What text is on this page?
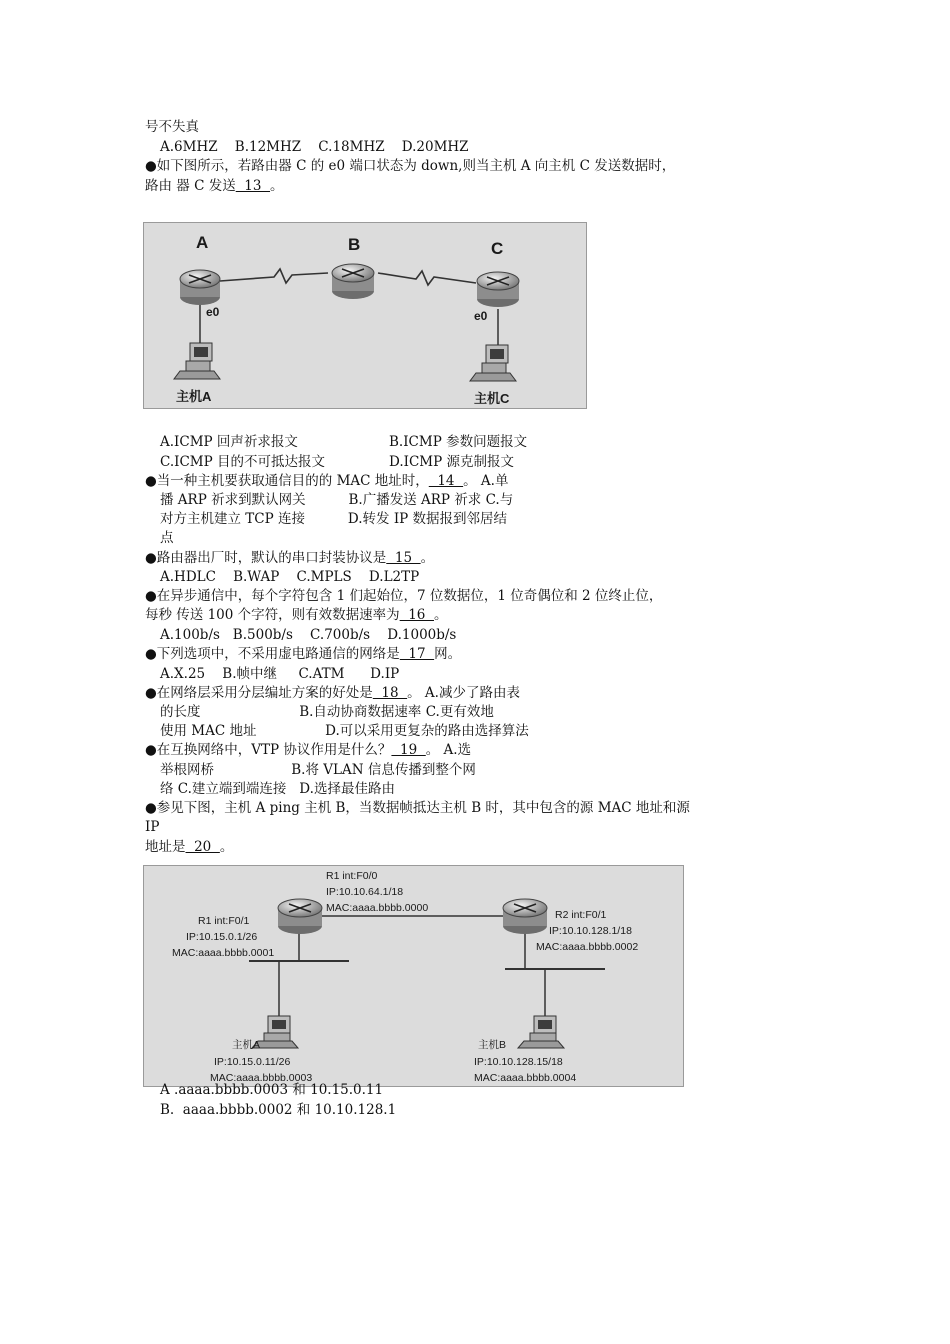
号不失真
A.6MHZ    B.12MHZ    C.18MHZ    D.20MHZ
●如下图所示，若路由器 C 的 e0 端口状态为 down,则当主机 A 向主机 C 发送数据时，
路由 器 C 发送  13  。
A	B	C
e0	e0
主机A	主机C
A.ICMP 回声祈求报文	B.ICMP 参数问题报文
C.ICMP 目的不可抵达报文	D.ICMP 源克制报文
●当一种主机要获取通信目的的 MAC 地址时，  14  。 A.单
播 ARP 祈求到默认网关          B.广播发送 ARP 祈求 C.与
对方主机建立 TCP 连接          D.转发 IP 数据报到邻居结
点
●路由器出厂时，默认的串口封装协议是  15  。
A.HDLC    B.WAP    C.MPLS    D.L2TP
●在异步通信中，每个字符包含 1 们起始位，7 位数据位，1 位奇偶位和 2 位终止位，
每秒 传送 100 个字符，则有效数据速率为  16  。
A.100b/s   B.500b/s    C.700b/s    D.1000b/s
●下列选项中，不采用虚电路通信的网络是  17  网。
A.X.25    B.帧中继     C.ATM      D.IP
●在网络层采用分层编址方案的好处是  18  。 A.减少了路由表
的长度                       B.自动协商数据速率 C.更有效地
使用 MAC 地址                D.可以采用更复杂的路由选择算法
●在互换网络中，VTP 协议作用是什么？  19  。 A.选
举根网桥                  B.将 VLAN 信息传播到整个网
络 C.建立端到端连接   D.选择最佳路由
●参见下图，主机 A ping 主机 B，当数据帧抵达主机 B 时，其中包含的源 MAC 地址和源
IP
地址是  20  。
R1 int:F0/0
IP:10.10.64.1/18
MAC:aaaa.bbbb.0000
R1 int:F0/1
IP:10.15.0.1/26
MAC:aaaa.bbbb.0001
R2 int:F0/1
IP:10.10.128.1/18
MAC:aaaa.bbbb.0002
主机A
IP:10.15.0.11/26
MAC:aaaa.bbbb.0003
主机B
IP:10.10.128.15/18
MAC:aaaa.bbbb.0004
A .aaaa.bbbb.0003 和 10.15.0.11
B.  aaaa.bbbb.0002 和 10.10.128.1
